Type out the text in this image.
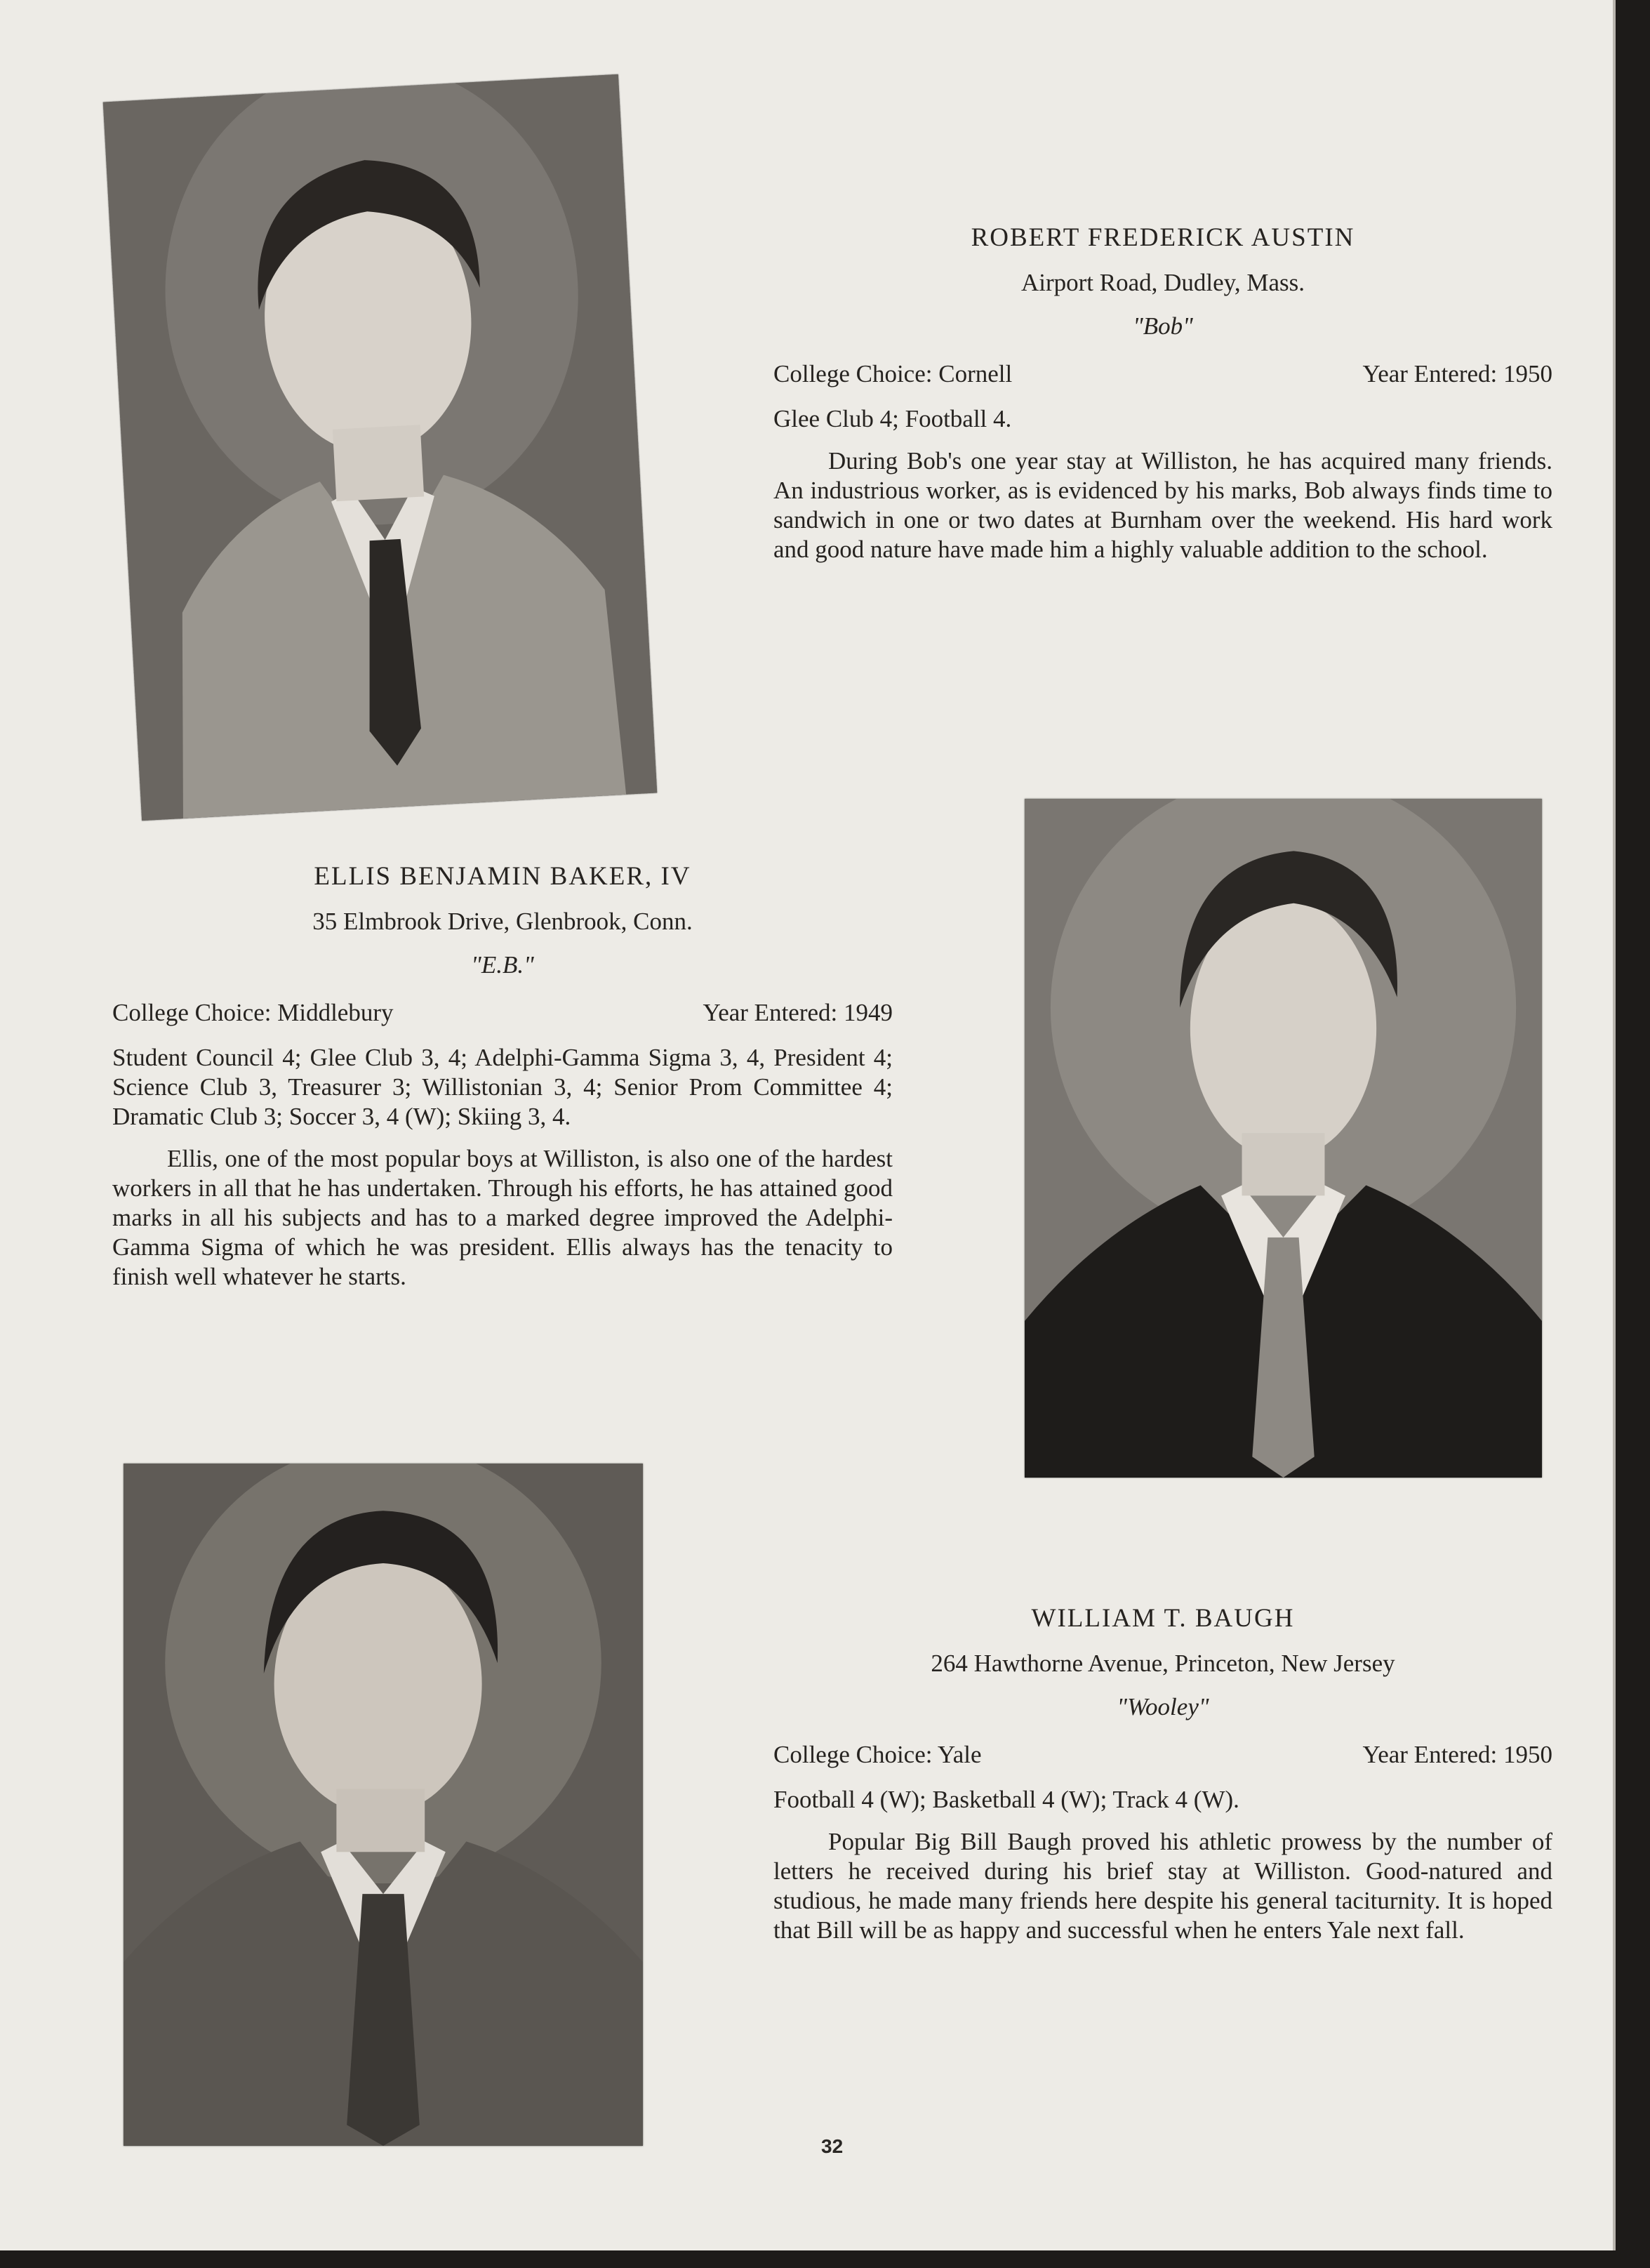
ROBERT FREDERICK AUSTIN
Airport Road, Dudley, Mass.
"Bob"
College Choice: Cornell	Year Entered: 1950
Glee Club 4; Football 4.

During Bob's one year stay at Williston, he has acquired many friends. An industrious worker, as is evidenced by his marks, Bob always finds time to sandwich in one or two dates at Burnham over the weekend. His hard work and good nature have made him a highly valuable addition to the school.

ELLIS BENJAMIN BAKER, IV
35 Elmbrook Drive, Glenbrook, Conn.
"E.B."
College Choice: Middlebury	Year Entered: 1949
Student Council 4; Glee Club 3, 4; Adelphi-Gamma Sigma 3, 4, President 4; Science Club 3, Treasurer 3; Willistonian 3, 4; Senior Prom Committee 4; Dramatic Club 3; Soccer 3, 4 (W); Skiing 3, 4.

Ellis, one of the most popular boys at Williston, is also one of the hardest workers in all that he has undertaken. Through his efforts, he has attained good marks in all his subjects and has to a marked degree improved the Adelphi-Gamma Sigma of which he was president. Ellis always has the tenacity to finish well whatever he starts.

WILLIAM T. BAUGH
264 Hawthorne Avenue, Princeton, New Jersey
"Wooley"
College Choice: Yale	Year Entered: 1950
Football 4 (W); Basketball 4 (W); Track 4 (W).

Popular Big Bill Baugh proved his athletic prowess by the number of letters he received during his brief stay at Williston. Good-natured and studious, he made many friends here despite his general taciturnity. It is hoped that Bill will be as happy and successful when he enters Yale next fall.

32
